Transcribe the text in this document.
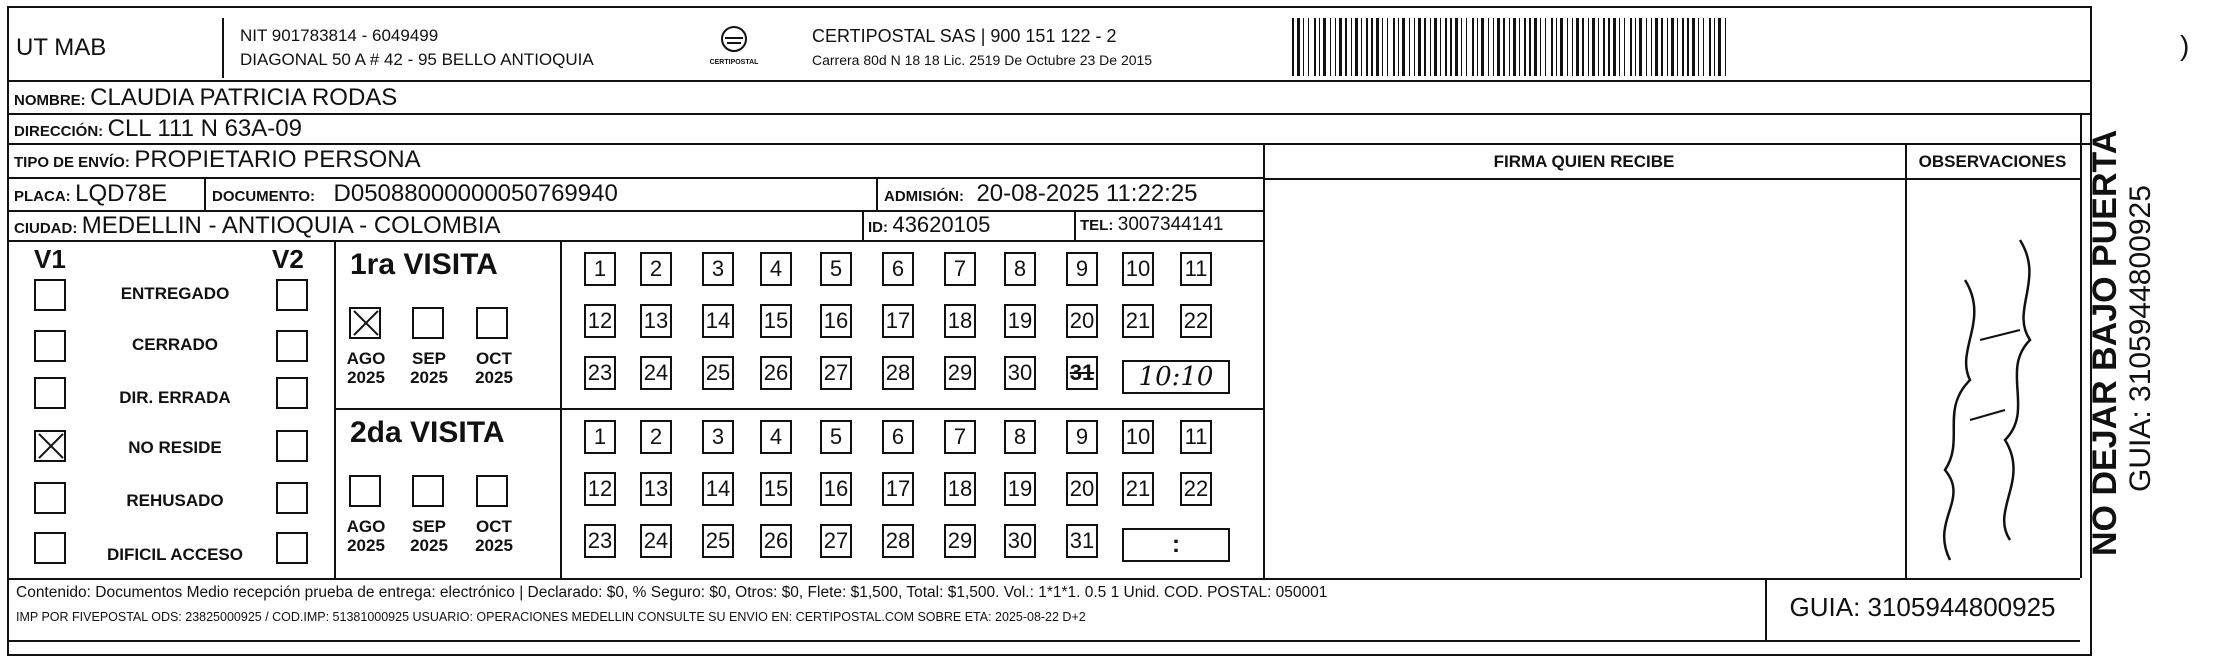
UT MAB	NIT 901783814 - 6049499
DIAGONAL 50 A # 42 - 95 BELLO ANTIOQUIA	CERTIPOSTAL
CERTIPOSTAL SAS | 900 151 122 - 2
Carrera 80d N 18 18 Lic. 2519 De Octubre 23 De 2015	)
NOMBRE: CLAUDIA PATRICIA RODAS
DIRECCIÓN: CLL 111 N 63A-09
TIPO DE ENVÍO: PROPIETARIO PERSONA
PLACA: LQD78E	DOCUMENTO: D05088000000050769940	ADMISIÓN: 20-08-2025 11:22:25
CIUDAD: MEDELLIN - ANTIOQUIA - COLOMBIA	ID: 43620105	TEL: 3007344141
FIRMA QUIEN RECIBE	OBSERVACIONES
V1	V2
ENTREGADO
CERRADO
DIR. ERRADA
NO RESIDE
REHUSADO
DIFICIL ACCESO
1ra VISITA
AGO
2025
SEP
2025
OCT
2025
2da VISITA
AGO
2025
SEP
2025
OCT
2025
1	2	3	4	5	6	7	8	9	10 11
12 13 14 15 16 17 18 19 20 21 22
23 24 25 26 27 28 29 30 31
1	2	3	4	5	6	7	8	9	10 11
12 13 14 15 16 17 18 19 20 21 22
23 24 25 26 27 28 29 30 31
10:10
:
Contenido: Documentos Medio recepción prueba de entrega: electrónico | Declarado: $0, % Seguro: $0, Otros: $0, Flete: $1,500, Total: $1,500. Vol.: 1*1*1. 0.5 1 Unid. COD. POSTAL: 050001
IMP POR FIVEPOSTAL ODS: 23825000925 / COD.IMP: 51381000925 USUARIO: OPERACIONES MEDELLIN CONSULTE SU ENVIO EN: CERTIPOSTAL.COM SOBRE ETA: 2025-08-22 D+2	GUIA: 3105944800925
NO DEJAR BAJO PUERTA GUIA: 3105944800925
